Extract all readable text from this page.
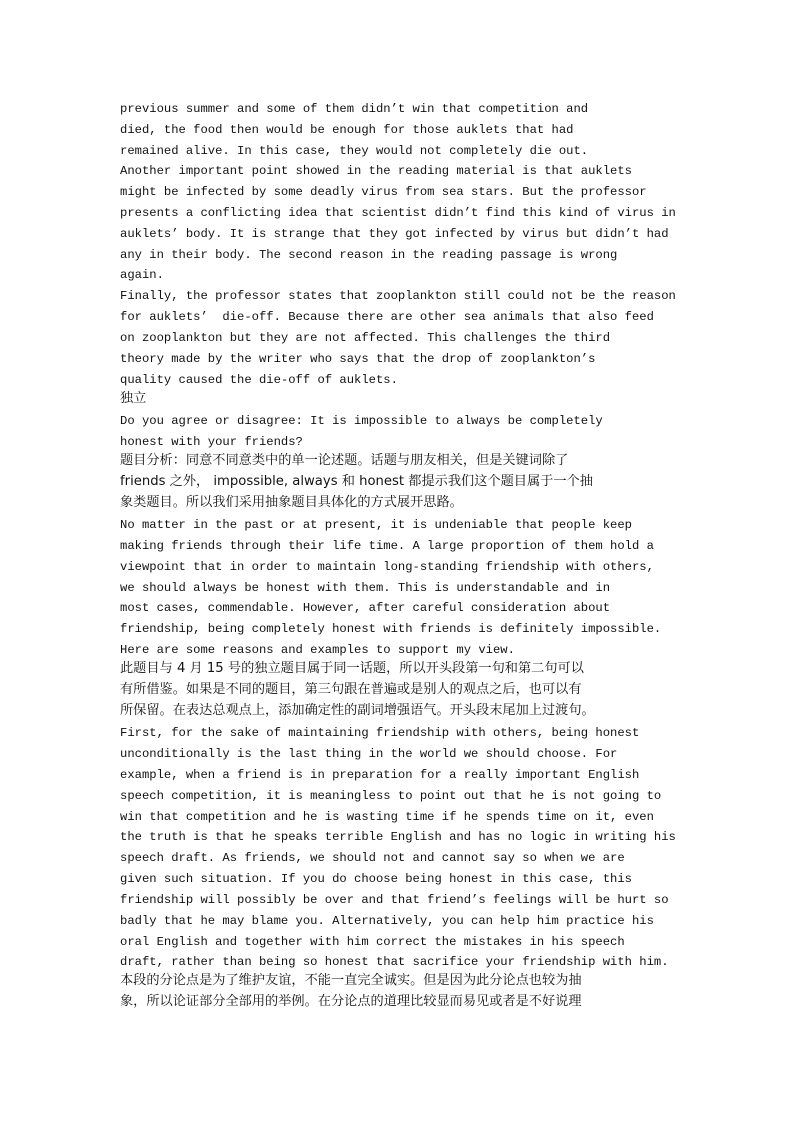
previous summer and some of them didn’t win that competition and
died, the food then would be enough for those auklets that had
remained alive. In this case, they would not completely die out.
Another important point showed in the reading material is that auklets
might be infected by some deadly virus from sea stars. But the professor
presents a conflicting idea that scientist didn’t find this kind of virus in
auklets’ body. It is strange that they got infected by virus but didn’t had
any in their body. The second reason in the reading passage is wrong
again.
Finally, the professor states that zooplankton still could not be the reason
for auklets’  die-off. Because there are other sea animals that also feed
on zooplankton but they are not affected. This challenges the third
theory made by the writer who says that the drop of zooplankton’s
quality caused the die-off of auklets.
独立
Do you agree or disagree: It is impossible to always be completely
honest with your friends?
题目分析：同意不同意类中的单一论述题。话题与朋友相关，但是关键词除了
friends 之外， impossible, always 和 honest 都提示我们这个题目属于一个抽
象类题目。所以我们采用抽象题目具体化的方式展开思路。
No matter in the past or at present, it is undeniable that people keep
making friends through their life time. A large proportion of them hold a
viewpoint that in order to maintain long-standing friendship with others,
we should always be honest with them. This is understandable and in
most cases, commendable. However, after careful consideration about
friendship, being completely honest with friends is definitely impossible.
Here are some reasons and examples to support my view.
此题目与 4 月 15 号的独立题目属于同一话题，所以开头段第一句和第二句可以
有所借鉴。如果是不同的题目，第三句跟在普遍或是别人的观点之后，也可以有
所保留。在表达总观点上，添加确定性的副词增强语气。开头段末尾加上过渡句。
First, for the sake of maintaining friendship with others, being honest
unconditionally is the last thing in the world we should choose. For
example, when a friend is in preparation for a really important English
speech competition, it is meaningless to point out that he is not going to
win that competition and he is wasting time if he spends time on it, even
the truth is that he speaks terrible English and has no logic in writing his
speech draft. As friends, we should not and cannot say so when we are
given such situation. If you do choose being honest in this case, this
friendship will possibly be over and that friend’s feelings will be hurt so
badly that he may blame you. Alternatively, you can help him practice his
oral English and together with him correct the mistakes in his speech
draft, rather than being so honest that sacrifice your friendship with him.
本段的分论点是为了维护友谊，不能一直完全诚实。但是因为此分论点也较为抽
象，所以论证部分全部用的举例。在分论点的道理比较显而易见或者是不好说理
